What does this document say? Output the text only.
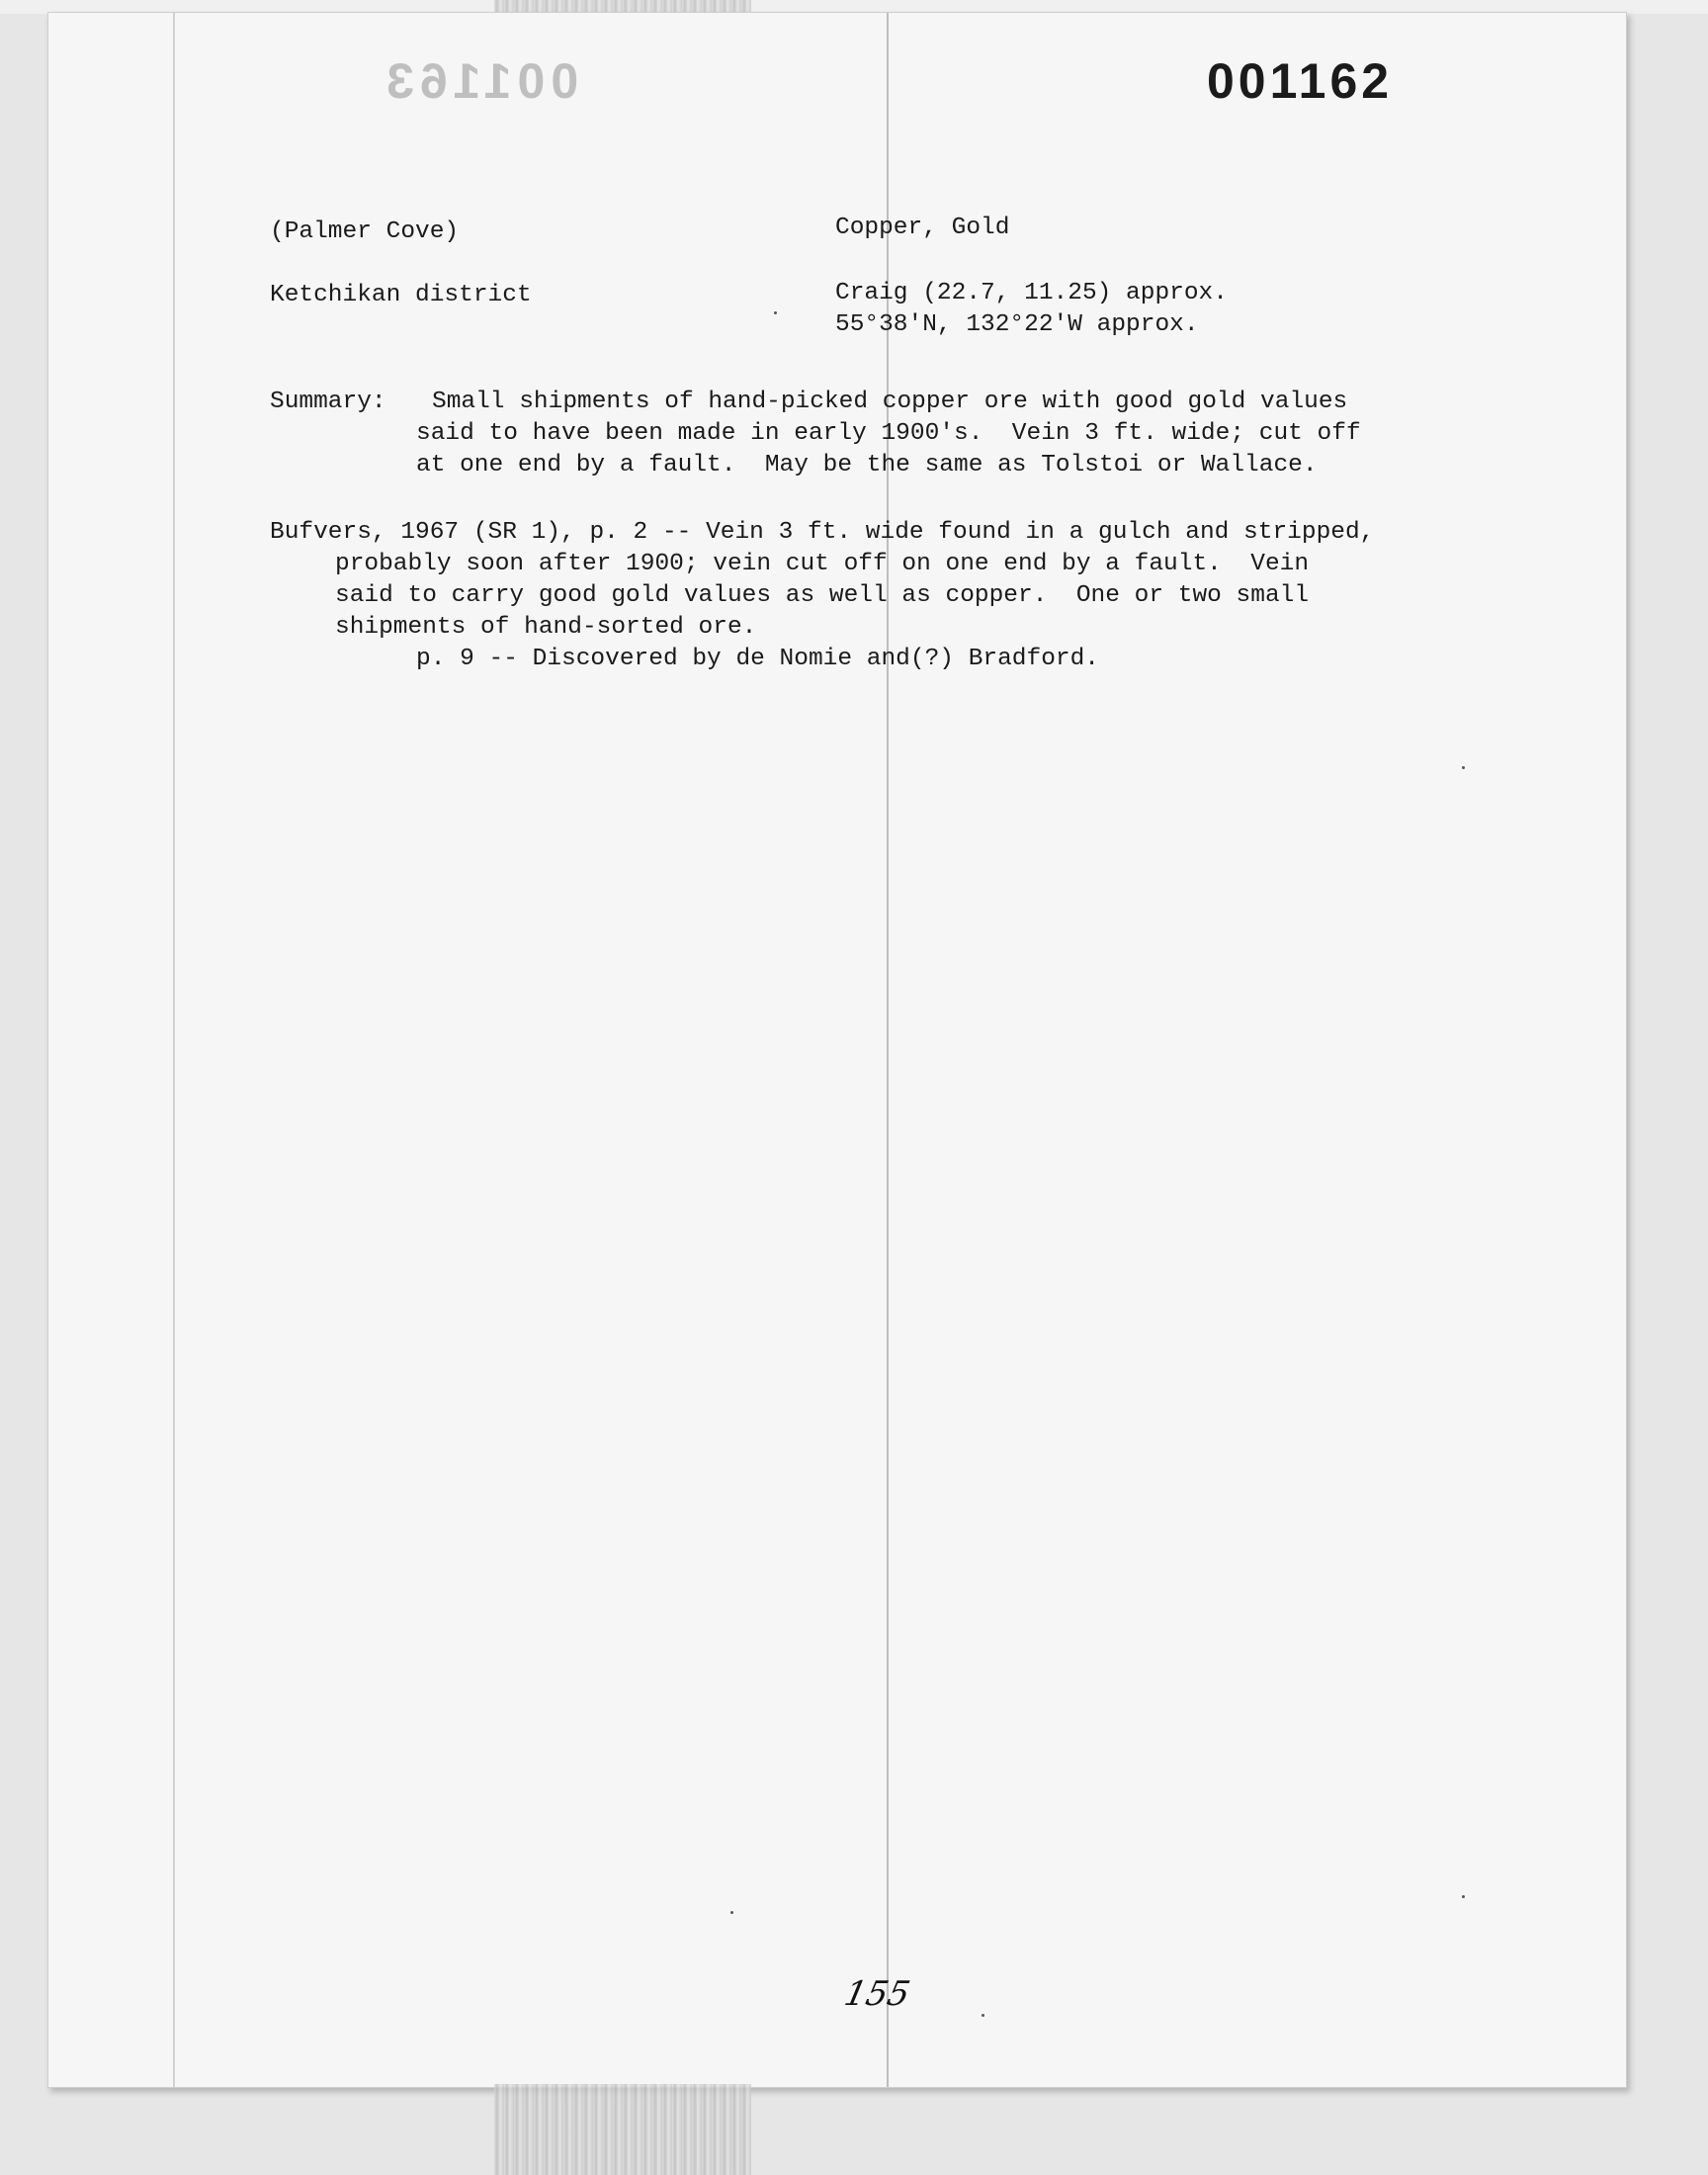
001163	001162
(Palmer Cove)	Copper, Gold
Ketchikan district	Craig (22.7, 11.25) approx.
55°38'N, 132°22'W approx.
Summary: Small shipments of hand-picked copper ore with good gold values
said to have been made in early 1900's.  Vein 3 ft. wide; cut off
at one end by a fault.  May be the same as Tolstoi or Wallace.
Bufvers, 1967 (SR 1), p. 2 -- Vein 3 ft. wide found in a gulch and stripped,
probably soon after 1900; vein cut off on one end by a fault.  Vein
said to carry good gold values as well as copper.  One or two small
shipments of hand-sorted ore.
p. 9 -- Discovered by de Nomie and(?) Bradford.
155
